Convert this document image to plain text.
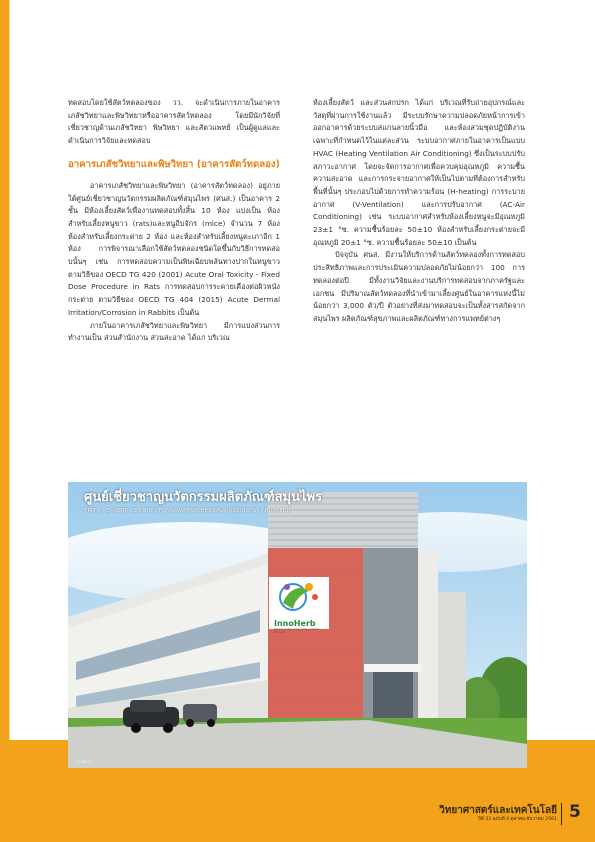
ทดสอบโดยใช้สัตว์ทดลองของ วว. จะดำเนินการภายในอาคารเภสัชวิทยาและพิษวิทยาหรืออาคารสัตว์ทดลอง โดยมีนักวิจัยที่เชี่ยวชาญด้านเภสัชวิทยา พิษวิทยา และสัตวแพทย์ เป็นผู้ดูแลและดำเนินการวิจัยและทดสอบ

อาคารเภสัชวิทยาและพิษวิทยา (อาคารสัตว์ทดลอง)

อาคารเภสัชวิทยาและพิษวิทยา (อาคารสัตว์ทดลอง) อยู่ภายใต้ศูนย์เชี่ยวชาญนวัตกรรมผลิตภัณฑ์สมุนไพร (ศนส.) เป็นอาคาร 2 ชั้น มีห้องเลี้ยงสัตว์เพื่องานทดสอบทั้งสิ้น 10 ห้อง แบ่งเป็น ห้องสำหรับเลี้ยงหนูขาว (rats)และหนูถีบจักร (mice) จำนวน 7 ห้อง ห้องสำหรับเลี้ยงกระต่าย 2 ห้อง และห้องสำหรับเลี้ยงหนูตะเภาอีก 1 ห้อง การพิจารณาเลือกใช้สัตว์ทดลองชนิดใดขึ้นกับวิธีการทดสอบนั้นๆ เช่น การทดสอบความเป็นพิษเฉียบพลันทางปากในหนูขาว ตามวิธีของ OECD TG 420 (2001) Acute Oral Toxicity - Fixed Dose Procedure in Rats การทดสอบการระคายเคืองต่อผิวหนังกระต่าย ตามวิธีของ OECD TG 404 (2015) Acute Dermal Irritation/Corrosion in Rabbits เป็นต้น

ภายในอาคารเภสัชวิทยาและพิษวิทยา มีการแบ่งส่วนการทำงานเป็น ส่วนสำนักงาน ส่วนสะอาด ได้แก่ บริเวณ

ห้องเลี้ยงสัตว์ และส่วนสกปรก ได้แก่ บริเวณที่รับถ่ายอุปกรณ์และวัสดุที่ผ่านการใช้งานแล้ว มีระบบรักษาความปลอดภัยหน้าการเข้าออกอาคารด้วยระบบสแกนลายนิ้วมือ และห้องสวมชุดปฏิบัติงานเฉพาะที่กำหนดไว้ในแต่ละส่วน ระบบอากาศภายในอาคารเป็นแบบ HVAC (Heating Ventilation Air Conditioning) ซึ่งเป็นระบบปรับสภาวะอากาศ โดยจะจัดการอากาศเพื่อควบคุมอุณหภูมิ ความชื้น ความสะอาด และการกระจายอากาศให้เป็นไปตามที่ต้องการสำหรับพื้นที่นั้นๆ ประกอบไปด้วยการทำความร้อน (H-heating) การระบายอากาศ (V-Ventilation) และการปรับอากาศ (AC-Air Conditioning) เช่น ระบบอากาศสำหรับห้องเลี้ยงหนูจะมีอุณหภูมิ 23±1 °ซ. ความชื้นร้อยละ 50±10 ห้องสำหรับเลี้ยงกระต่ายจะมีอุณหภูมิ 20±1 °ซ. ความชื้นร้อยละ 50±10 เป็นต้น

ปัจจุบัน ศนส. มีงานให้บริการด้านสัตว์ทดลองทั้งการทดสอบประสิทธิภาพและการประเมินความปลอดภัยไม่น้อยกว่า 100 การทดลองต่อปี มีทั้งงานวิจัยและงานบริการทดสอบจากภาครัฐและเอกชน มีปริมาณสัตว์ทดลองที่นำเข้ามาเลี้ยงศูนย์ในอาคารแห่งนี้ไม่น้อยกว่า 3,000 ตัว/ปี ตัวอย่างที่ส่งมาทดสอบจะเป็นทั้งสารสกัดจากสมุนไพร ผลิตภัณฑ์สุขภาพและผลิตภัณฑ์ทางการแพทย์ต่างๆ

InnoHerb
Expert Centre of Innovative Herbal Products
ศูนย์เชี่ยวชาญนวัตกรรมผลิตภัณฑ์สมุนไพร
TISTR : EXPERT CENTER OF INNOVATIVE HERBAL PRODUCTS, INNOHERB
ภาพ: วว.
วิทยาศาสตร์และเทคโนโลยี
ปีที่ 33 ฉบับที่ 4 ตุลาคม-ธันวาคม 2561 5
